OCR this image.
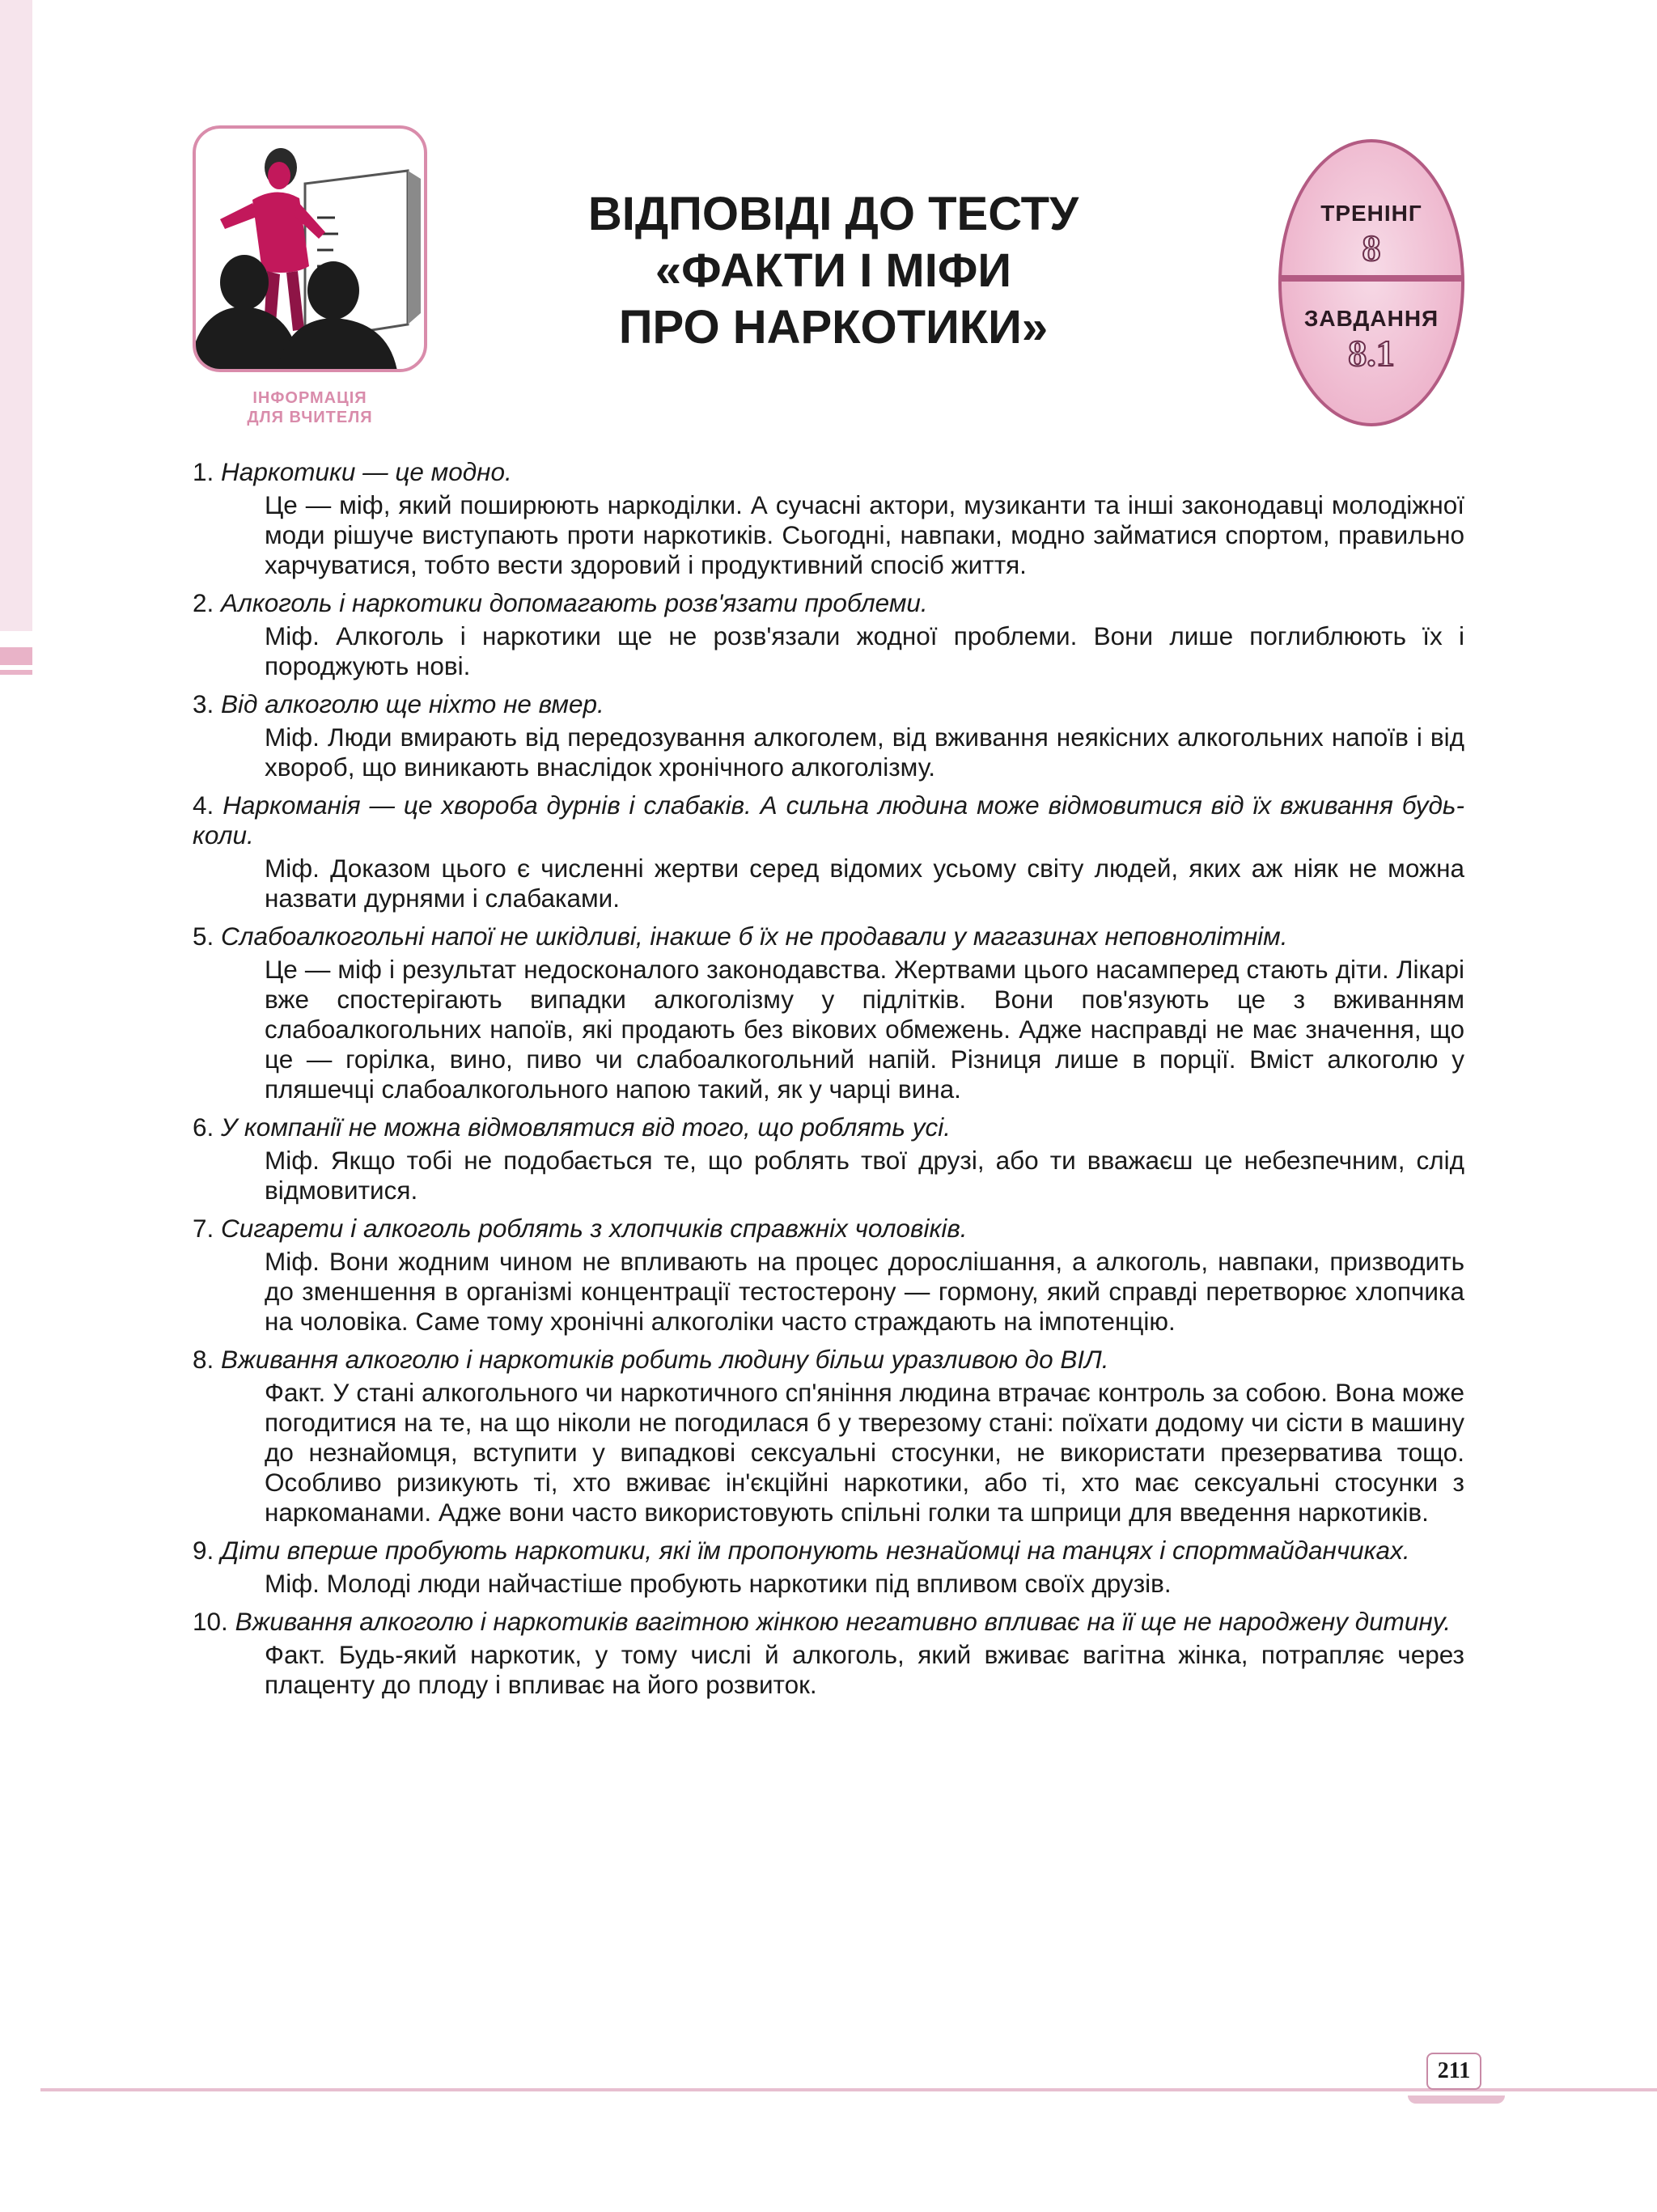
ІНФОРМАЦІЯ
ДЛЯ ВЧИТЕЛЯ
ВІДПОВІДІ ДО ТЕСТУ
«ФАКТИ І МІФИ
ПРО НАРКОТИКИ»
ТРЕНІНГ
8
ЗАВДАННЯ
8.1

1. Наркотики — це модно.

Це — міф, який поширюють наркоділки. А сучасні актори, музиканти та інші законодавці молодіжної моди рішуче виступають проти наркотиків. Сьогодні, навпаки, модно займатися спортом, правильно харчуватися, тобто вести здоровий і продуктивний спосіб життя.

2. Алкоголь і наркотики допомагають розв'язати проблеми.

Міф. Алкоголь і наркотики ще не розв'язали жодної проблеми. Вони лише поглиблюють їх і породжують нові.

3. Від алкоголю ще ніхто не вмер.

Міф. Люди вмирають від передозування алкоголем, від вживання неякісних алкогольних напоїв і від хвороб, що виникають внаслідок хронічного алкоголізму.

4. Наркоманія — це хвороба дурнів і слабаків. А сильна людина може відмовитися від їх вживання будь-коли.

Міф. Доказом цього є численні жертви серед відомих усьому світу людей, яких аж ніяк не можна назвати дурнями і слабаками.

5. Слабоалкогольні напої не шкідливі, інакше б їх не продавали у магазинах неповнолітнім.

Це — міф і результат недосконалого законодавства. Жертвами цього насамперед стають діти. Лікарі вже спостерігають випадки алкоголізму у підлітків. Вони пов'язують це з вживанням слабоалкогольних напоїв, які продають без вікових обмежень. Адже насправді не має значення, що це — горілка, вино, пиво чи слабоалкогольний напій. Різниця лише в порції. Вміст алкоголю у пляшечці слабоалкогольного напою такий, як у чарці вина.

6. У компанії не можна відмовлятися від того, що роблять усі.

Міф. Якщо тобі не подобається те, що роблять твої друзі, або ти вважаєш це небезпечним, слід відмовитися.

7. Сигарети і алкоголь роблять з хлопчиків справжніх чоловіків.

Міф. Вони жодним чином не впливають на процес дорослішання, а алкоголь, навпаки, призводить до зменшення в організмі концентрації тестостерону — гормону, який справді перетворює хлопчика на чоловіка. Саме тому хронічні алкоголіки часто страждають на імпотенцію.

8. Вживання алкоголю і наркотиків робить людину більш уразливою до ВІЛ.

Факт. У стані алкогольного чи наркотичного сп'яніння людина втрачає контроль за собою. Вона може погодитися на те, на що ніколи не погодилася б у тверезому стані: поїхати додому чи сісти в машину до незнайомця, вступити у випадкові сексуальні стосунки, не використати презерватива тощо. Особливо ризикують ті, хто вживає ін'єкційні наркотики, або ті, хто має сексуальні стосунки з наркоманами. Адже вони часто використовують спільні голки та шприци для введення наркотиків.

9. Діти вперше пробують наркотики, які їм пропонують незнайомці на танцях і спортмайданчиках.

Міф. Молоді люди найчастіше пробують наркотики під впливом своїх друзів.

10. Вживання алкоголю і наркотиків вагітною жінкою негативно впливає на її ще не народжену дитину.

Факт. Будь-який наркотик, у тому числі й алкоголь, який вживає вагітна жінка, потрапляє через плаценту до плоду і впливає на його розвиток.

211
